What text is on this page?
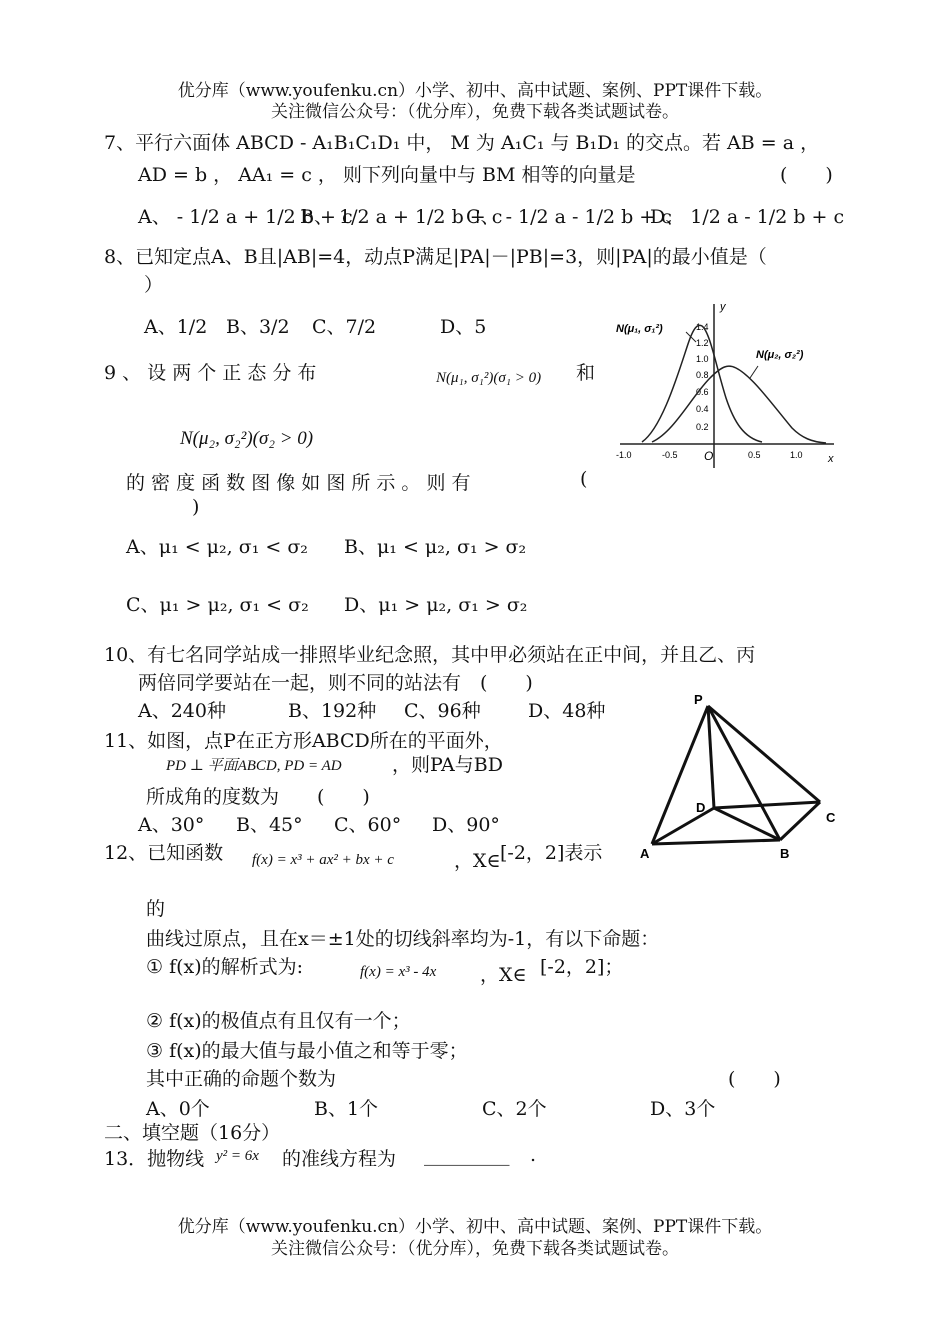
优分库（www.youfenku.cn）小学、初中、高中试题、案例、PPT课件下载。
关注微信公众号：（优分库），免费下载各类试题试卷。
7、平行六面体 ABCD - A₁B₁C₁D₁ 中， M 为 A₁C₁ 与 B₁D₁ 的交点。若 AB = a ，
AD = b ， AA₁ = c ， 则下列向量中与 BM 相等的向量是	(　　)
A、 - 1/2 a + 1/2 b + c
B、 1/2 a + 1/2 b + c
C、 - 1/2 a - 1/2 b + c
D、 1/2 a - 1/2 b + c
8、已知定点A、B且|AB|=4，动点P满足|PA|－|PB|=3，则|PA|的最小值是（
）
A、1/2 B、3/2 C、7/2	D、5
9 、 设 两 个 正 态 分 布	N(μ₁, σ₁²)(σ₁ > 0) 和
N(μ₂, σ₂²)(σ₂ > 0)
的 密 度 函 数 图 像 如 图 所 示 。 则 有	(
)
A、μ₁ < μ₂, σ₁ < σ₂ B、μ₁ < μ₂, σ₁ > σ₂
C、μ₁ > μ₂, σ₁ < σ₂ D、μ₁ > μ₂, σ₁ > σ₂
x
y
1.4
1.2
1.0
0.8
0.6
0.4
0.2
-1.0	-0.5 O	0.5	1.0
N(μ₁, σ₁²)
N(μ₂, σ₂²)
10、有七名同学站成一排照毕业纪念照，其中甲必须站在正中间，并且乙、丙
两倍同学要站在一起，则不同的站法有　(　　)
A、240种	B、192种 C、96种 D、48种
11、如图，点P在正方形ABCD所在的平面外，
PD ⊥ 平面ABCD, PD = AD	，则PA与BD
所成角的度数为　　(　　)
A、30° B、45° C、60° D、90°
P
A	B
C
D
12、已知函数 f(x) = x³ + ax² + bx + c	，X∈ [-2，2]表示
的
曲线过原点，且在x＝±1处的切线斜率均为-1，有以下命题：
① f(x)的解析式为:	f(x) = x³ - 4x ，X∈ [-2，2]；
② f(x)的极值点有且仅有一个；
③ f(x)的最大值与最小值之和等于零；
其中正确的命题个数为	(　　)
A、0个	B、1个	C、2个	D、3个
二、填空题（16分）
13．抛物线 y² = 6x 的准线方程为 _________ .
优分库（www.youfenku.cn）小学、初中、高中试题、案例、PPT课件下载。
关注微信公众号：（优分库），免费下载各类试题试卷。
